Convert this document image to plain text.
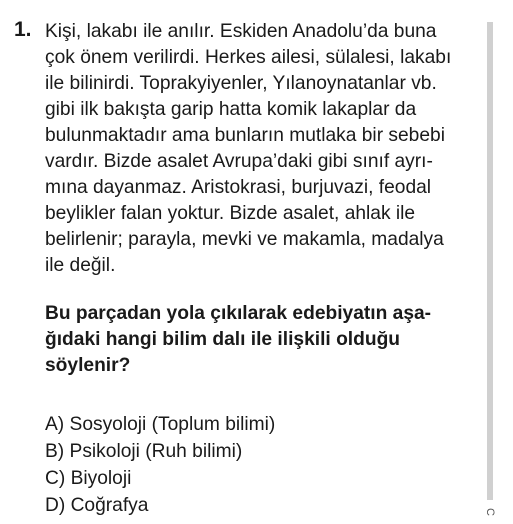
1. Kişi, lakabı ile anılır. Eskiden Anadolu’da buna
çok önem verilirdi. Herkes ailesi, sülalesi, lakabı
ile bilinirdi. Toprakyiyenler, Yılanoynatanlar vb.
gibi ilk bakışta garip hatta komik lakaplar da
bulunmaktadır ama bunların mutlaka bir sebebi
vardır. Bizde asalet Avrupa’daki gibi sınıf ayrı-
mına dayanmaz. Aristokrasi, burjuvazi, feodal
beylikler falan yoktur. Bizde asalet, ahlak ile
belirlenir; parayla, mevki ve makamla, madalya
ile değil.
Bu parçadan yola çıkılarak edebiyatın aşa-
ğıdaki hangi bilim dalı ile ilişkili olduğu
söylenir?
A) Sosyoloji (Toplum bilimi)
B) Psikoloji (Ruh bilimi)
C) Biyoloji
D) Coğrafya	C
